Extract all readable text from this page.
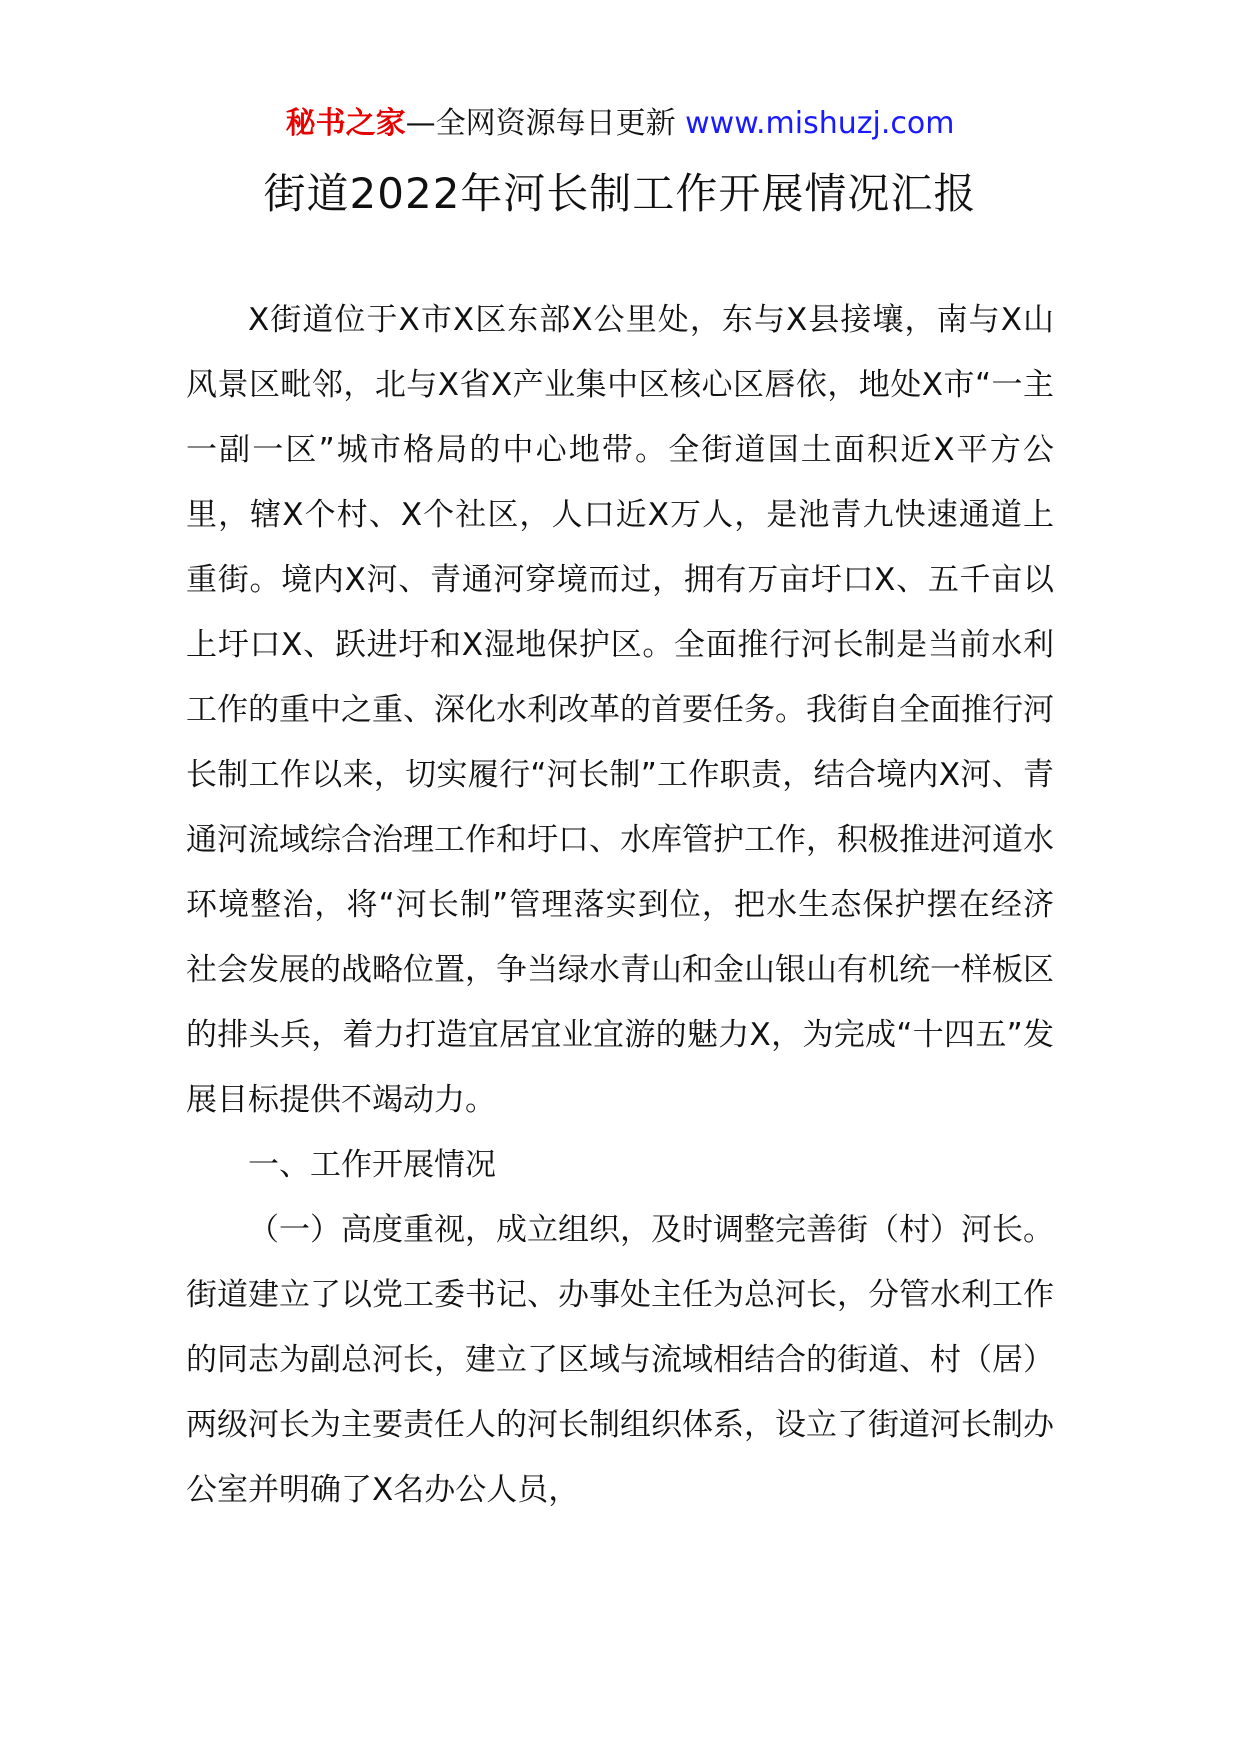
秘书之家—全网资源每日更新 www.mishuzj.com
街道2022年河长制工作开展情况汇报

X街道位于X市X区东部X公里处，东与X县接壤，南与X山风景区毗邻，北与X省X产业集中区核心区唇依，地处X市“一主一副一区”城市格局的中心地带。全街道国土面积近X平方公里，辖X个村、X个社区，人口近X万人，是池青九快速通道上重街。境内X河、青通河穿境而过，拥有万亩圩口X、五千亩以上圩口X、跃进圩和X湿地保护区。全面推行河长制是当前水利工作的重中之重、深化水利改革的首要任务。我街自全面推行河长制工作以来，切实履行“河长制”工作职责，结合境内X河、青通河流域综合治理工作和圩口、水库管护工作，积极推进河道水环境整治，将“河长制”管理落实到位，把水生态保护摆在经济社会发展的战略位置，争当绿水青山和金山银山有机统一样板区的排头兵，着力打造宜居宜业宜游的魅力X，为完成“十四五”发展目标提供不竭动力。

一、工作开展情况

（一）高度重视，成立组织，及时调整完善街（村）河长。街道建立了以党工委书记、办事处主任为总河长，分管水利工作的同志为副总河长，建立了区域与流域相结合的街道、村（居）两级河长为主要责任人的河长制组织体系，设立了街道河长制办公室并明确了X名办公人员，
